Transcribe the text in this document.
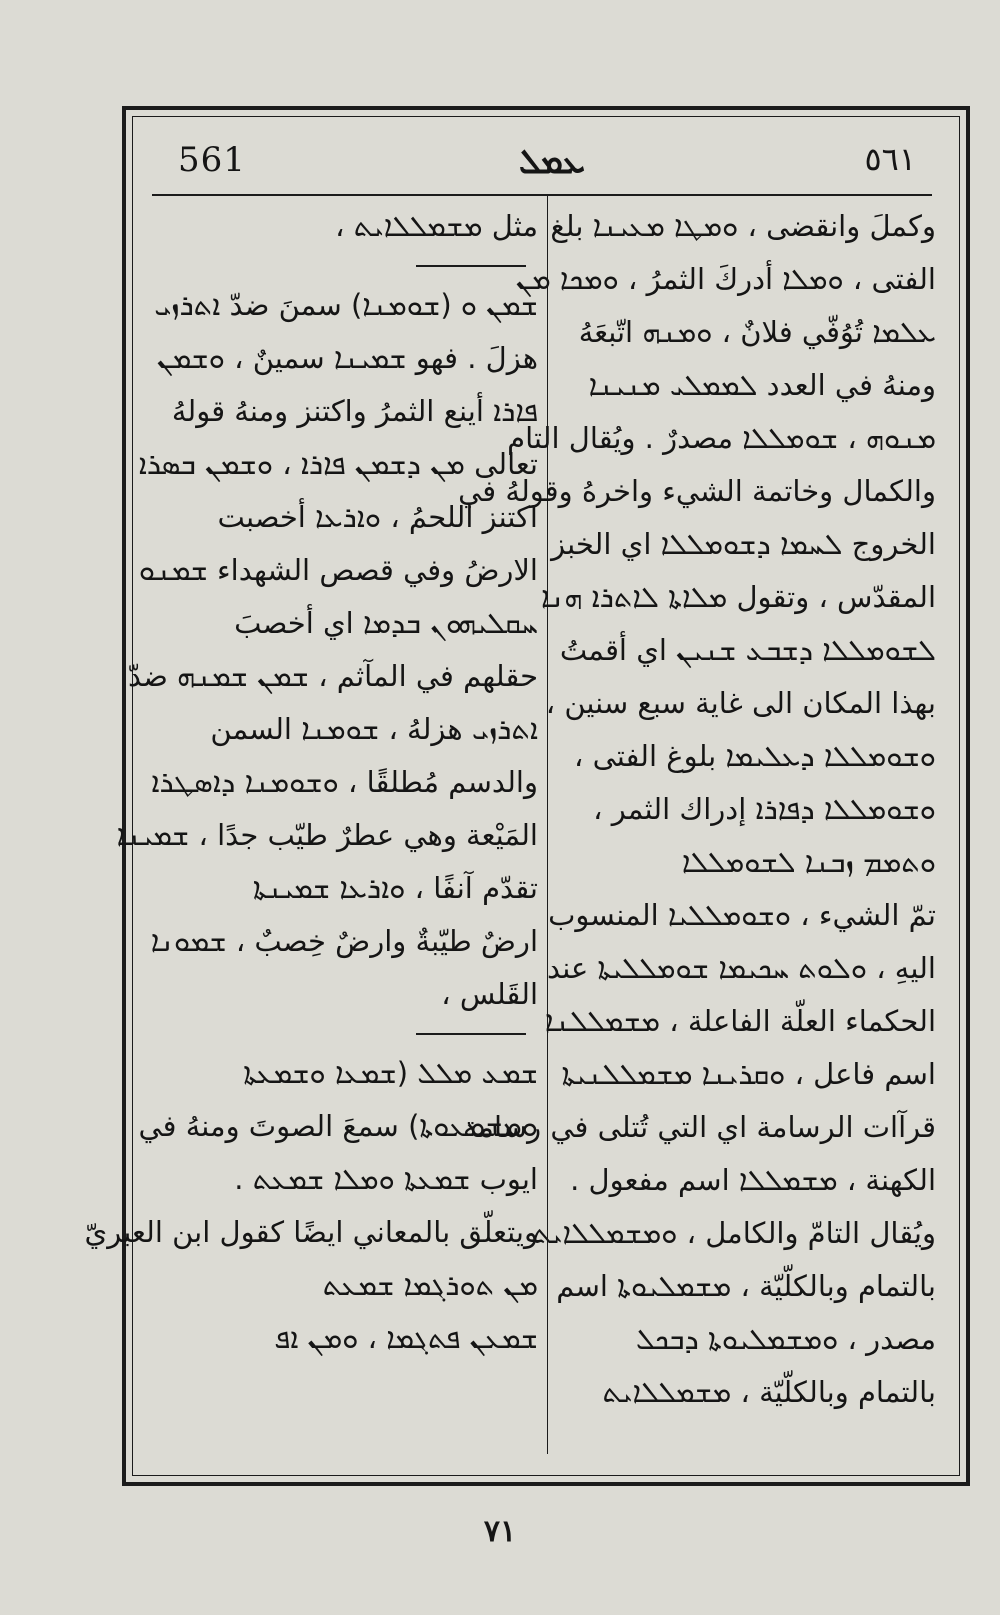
561	ܥܡܠ	٥٦١
وكملَ وانقضى ، ܘܡܛܐ ܡܥܝܢܐ بلغ
الفتى ، ܘܡܠܐ أدركَ الثمرُ ، ܘܡܟܐ ܡܢ
ܥܠܡܐ تُوُفّي فلانٌ ، ܘܡܢܗ اتّبعَهُ
ومنهُ في العدد ܠܡܡܠܝ ܡܢܝܢܐ
ܡܢܘܗ ، ܫܘܡܠܠܐ مصدرٌ . ويُقال التام
والكمال وخاتمة الشيء واخرهُ وقولهُ في
الخروج ܠܚܡܐ ܕܫܘܡܠܠܐ اي الخبز
المقدّس ، وتقول ܡܠܐܬܐ ܠܐܬܪܐ ܗܢܐ
ܠܫܘܡܠܠܐ ܕܫܒܥ ܫܢܝܢ اي أقمتُ
بهذا المكان الى غاية سبع سنين ،
ܘܫܘܡܠܠܐ ܕܥܠܝܡܐ بلوغ الفتى ،
ܘܫܘܡܠܠܐ ܕܦܐܪܐ إدراك الثمر ،
ܘܬܡܡ ܙܒܢܐ ܠܫܘܡܠܠܐ
تمّ الشيء ، ܘܫܘܡܠܠܝܐ المنسوب
اليهِ ، ܘܠܘܬ ܚܟܝܡܐ ܫܘܡܠܠܝܬܐ عند
الحكماء العلّة الفاعلة ، ܡܫܡܠܠܢܐ
اسم فاعل ، ܘܩܪܝܢܐ ܡܫܡܠܠܢܝܬܐ
قرآات الرسامة اي التي تُتلى في رسامة
الكهنة ، ܡܫܡܠܠܐ اسم مفعول .
ويُقال التامّ والكامل ، ܘܡܫܡܠܠܐܝܬ
بالتمام وبالكلّيّة ، ܡܫܡܠܝܘܬܐ اسم
مصدر ، ܘܡܫܡܠܝܘܬܐ ܕܒܟܠ
بالتمام وبالكلّيّة ، ܡܫܡܠܠܐܝܬ
مثل ܡܫܡܠܠܐܝܬ ،
ܫܡܢ ܘ (ܫܘܡܢܐ) سمنَ ضدّ ܐܬܪܙܝ
هزلَ . فهو ܫܡܝܢܐ سمينٌ ، ܘܫܡܢ
ܦܐܪܐ أينع الثمرُ واكتنز ومنهُ قولهُ
تعالى ܡܢ ܕܫܡܢ ܦܐܪܐ ، ܘܫܡܢ ܒܣܪܐ
اكتنز اللحمُ ، ܘܐܪܥܐ أخصبت
الارضُ وفي قصص الشهداء ܫܡܢܘ
ܚܩܠܝܗܘܢ ܒܕܡܐ اي أخصبَ
حقلهم في المآثم ، ܫܡܢ ܫܡܢܗ ضدّ
ܐܬܪܙܝ هزلهُ ، ܫܘܡܢܐ السمن
والدسم مُطلقًا ، ܘܫܘܡܢܐ ܕܐܣܛܪܐ
المَيْعة وهي عطرٌ طيّب جدًا ، ܫܡܝܢܐ
تقدّم آنفًا ، ܘܐܪܥܐ ܫܡܝܢܬܐ
ارضٌ طيّبةٌ وارضٌ خِصبٌ ، ܫܡܘܢܐ
القَلس ،
ܫܡܥ ܡܠܠ (ܫܡܥܐ ܘܫܡܥܬܐ
ܘܡܫܡܥܘܬܐ) سمعَ الصوتَ ومنهُ في
ايوب ܫܡܥܬܐ ܘܡܠܐ ܫܡܥܬ .
ويتعلّق بالمعاني ايضًا كقول ابن العبريّ
ܡܢ ܬܘܪܓܡܐ ܫܡܥܬ
ܫܡܥܢ ܦܬܓܡܐ ، ܘܡܢ ܐܦ
٧١
